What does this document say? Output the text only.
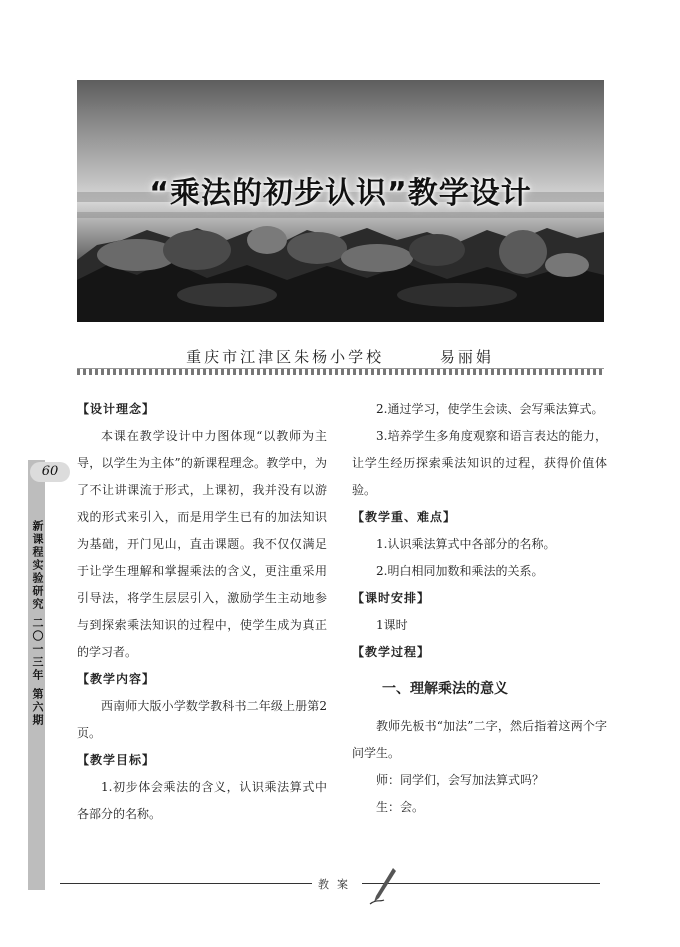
“乘法的初步认识”教学设计
重庆市江津区朱杨小学校	易丽娟
60
新课程实验研究 二〇一三年 第六期

【设计理念】

本课在教学设计中力图体现“以教师为主导，以学生为主体”的新课程理念。教学中，为了不让讲课流于形式，上课初，我并没有以游戏的形式来引入，而是用学生已有的加法知识为基础，开门见山，直击课题。我不仅仅满足于让学生理解和掌握乘法的含义，更注重采用引导法，将学生层层引入，激励学生主动地参与到探索乘法知识的过程中，使学生成为真正的学习者。

【教学内容】

西南师大版小学数学教科书二年级上册第2页。

【教学目标】

1.初步体会乘法的含义，认识乘法算式中各部分的名称。

2.通过学习，使学生会读、会写乘法算式。

3.培养学生多角度观察和语言表达的能力，让学生经历探索乘法知识的过程，获得价值体验。

【教学重、难点】

1.认识乘法算式中各部分的名称。

2.明白相同加数和乘法的关系。

【课时安排】

1课时

【教学过程】

一、理解乘法的意义

教师先板书“加法”二字，然后指着这两个字问学生。

师：同学们，会写加法算式吗？

生：会。

教案
